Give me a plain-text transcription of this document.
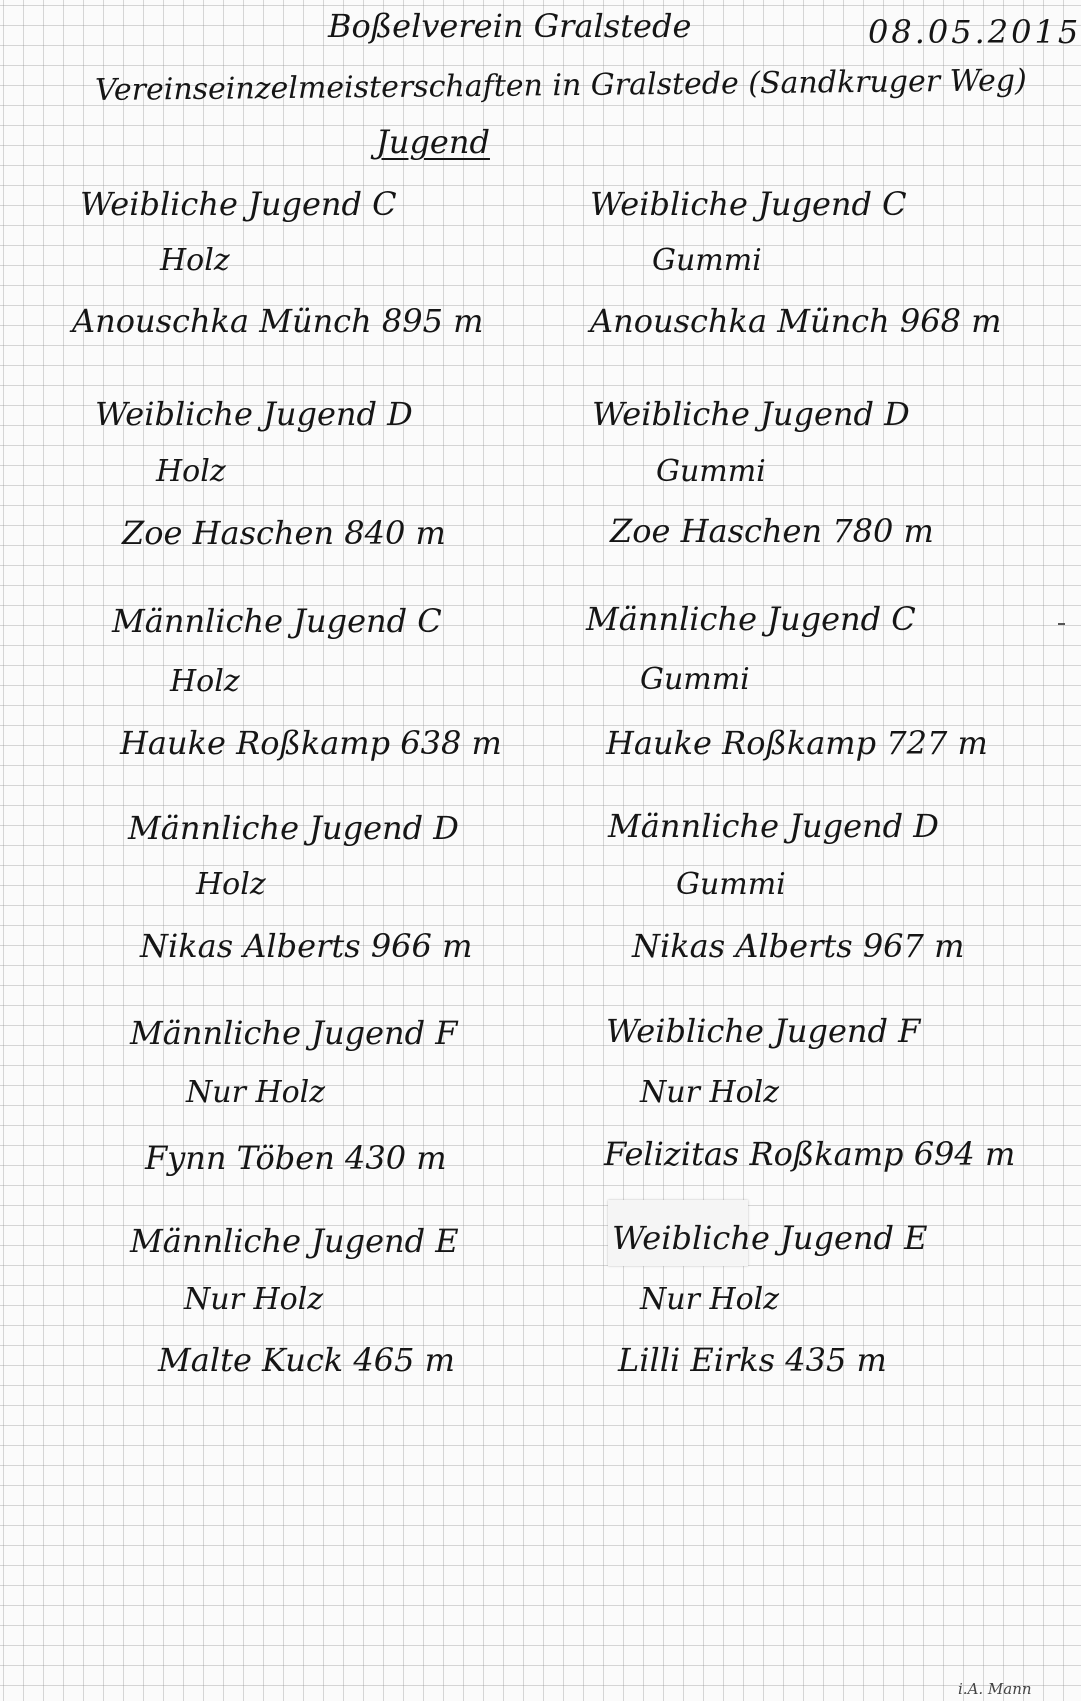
Boßelverein Gralstede	08.05.2015
Vereinseinzelmeisterschaften in Gralstede (Sandkruger Weg)
Jugend
Weibliche Jugend C
Holz
Anouschka Münch 895 m
Weibliche Jugend C
Gummi
Anouschka Münch 968 m
Weibliche Jugend D
Holz
Zoe Haschen 840 m
Weibliche Jugend D
Gummi
Zoe Haschen 780 m
Männliche Jugend C
Holz
Hauke Roßkamp 638 m
Männliche Jugend C
Gummi
Hauke Roßkamp 727 m
Männliche Jugend D
Holz
Nikas Alberts 966 m
Männliche Jugend D
Gummi
Nikas Alberts 967 m
Männliche Jugend F
Nur Holz
Fynn Töben 430 m
Weibliche Jugend F
Nur Holz
Felizitas Roßkamp 694 m
Männliche Jugend E
Nur Holz
Malte Kuck 465 m
Weibliche Jugend E
Nur Holz
Lilli Eirks 435 m
i.A. Mann
